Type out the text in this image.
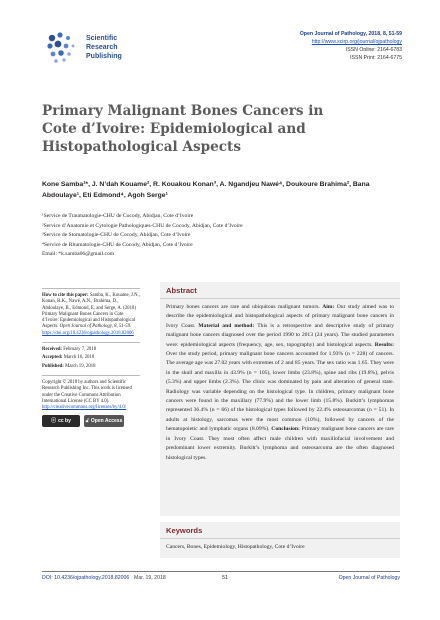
Scientific
Research
Publishing
Open Journal of Pathology, 2018, 8, 51-59
http://www.scirp.org/journal/ojpathology
ISSN Online: 2164-6783
ISSN Print: 2164-6775
Primary Malignant Bones Cancers in Cote d’Ivoire: Epidemiological and Histopathological Aspects
Kone Samba¹*, J. N’dah Kouame², R. Kouakou Konan³, A. Ngandjeu Nawé⁴, Doukoure Brahima², Bana Abdoulaye¹, Eti Edmond⁴, Agoh Serge¹
¹Service de Traumatologie-CHU de Cocody, Abidjan, Cote d’Ivoire
²Service d’Anatomie et Cytologie Pathologiques-CHU de Cocody, Abidjan, Cote d’Ivoire
³Service de Stomatologie-CHU de Cocody, Abidjan, Cote d’Ivoire
⁴Service de Rhumatologie-CHU de Cocody, Abidjan, Cote d’Ivoire
Email: *k.samba06@gmail.com
How to cite this paper: Samba, K., Kouame, J.N., Konan, R.K., Nawé, A.N., Brahima, D., Abdoulaye, B., Edmond, E. and Serge, A. (2018) Primary Malignant Bones Cancers in Cote d’Ivoire: Epidemiological and Histopathological Aspects. Open Journal of Pathology, 8, 51-59.
https://doi.org/10.4236/ojpathology.2018.82006
Received: February 7, 2018
Accepted: March 16, 2018
Published: March 19, 2018
Copyright © 2018 by authors and Scientific Research Publishing Inc. This work is licensed under the Creative Commons Attribution International License (CC BY 4.0).
http://creativecommons.org/licenses/by/4.0/
ⓒ cc by	🔓︎ Open Access
Abstract
Primary bones cancers are rare and ubiquitous malignant tumors. Aim: Our study aimed was to describe the epidemiological and histopathological aspects of primary malignant bone cancers in Ivory Coast. Material and method: This is a retrospective and descriptive study of primary malignant bone cancers diagnosed over the period 1990 to 2013 (24 years). The studied parameters were: epidemiological aspects (frequency, age, sex, topography) and histological aspects. Results: Over the study period, primary malignant bone cancers accounted for 1.93% (n = 228) of cancers. The average age was 27.02 years with extremes of 2 and 85 years. The sex ratio was 1.65. They were in the skull and maxilla in 43.9% (n = 105), lower limbs (23.8%), spine and ribs (19.8%), pelvis (5.3%) and upper limbs (2.3%). The clinic was dominated by pain and alteration of general state. Radiology was variable depending on the histological type. In children, primary malignant bone cancers were found in the maxillary (77.9%) and the lower limb (15.8%). Burkitt’s lymphomas represented 36.4% (n = 66) of the histological types followed by 22.4% osteosarcomas (n = 51). In adults at histology, sarcomas were the most common (10%), followed by cancers of the hematopoietic and lymphatic organs (8.09%). Conclusion: Primary malignant bone cancers are rare in Ivory Coast. They most often affect male children with maxillofacial involvement and predominant lower extremity. Burkitt’s lymphoma and osteosarcoma are the often diagnosed histological types.
Keywords
Cancers, Bones, Epidemiology, Histopathology, Cote d’Ivoire
DOI: 10.4236/ojpathology.2018.82006 Mar. 19, 2018	51	Open Journal of Pathology
